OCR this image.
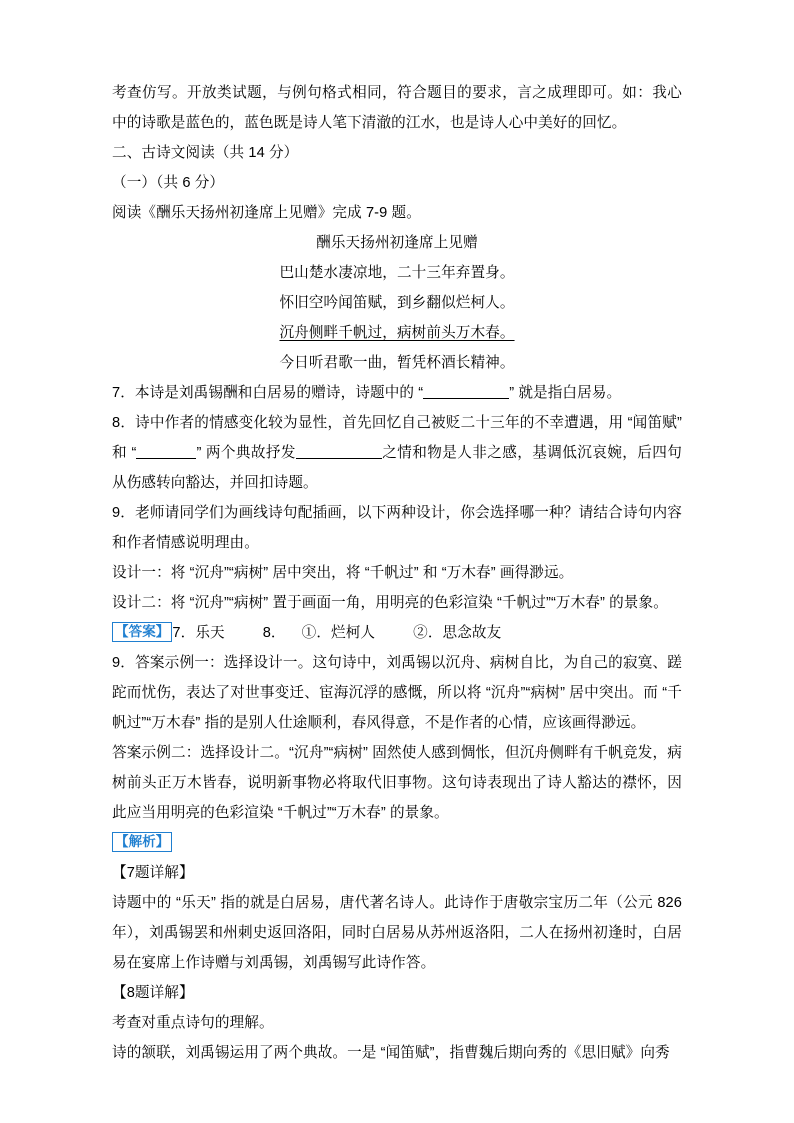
考查仿写。开放类试题，与例句格式相同，符合题目的要求，言之成理即可。如：我心中的诗歌是蓝色的，蓝色既是诗人笔下清澈的江水，也是诗人心中美好的回忆。

二、古诗文阅读（共 14 分）

（一）（共 6 分）

阅读《酬乐天扬州初逢席上见赠》完成 7-9 题。

酬乐天扬州初逢席上见赠

巴山楚水凄凉地，二十三年弃置身。

怀旧空吟闻笛赋，到乡翻似烂柯人。

沉舟侧畔千帆过，病树前头万木春。

今日听君歌一曲，暂凭杯酒长精神。

7．本诗是刘禹锡酬和白居易的赠诗，诗题中的 “	” 就是指白居易。

8．诗中作者的情感变化较为显性，首先回忆自己被贬二十三年的不幸遭遇，用 “闻笛赋” 和 “	” 两个典故抒发	之情和物是人非之感，基调低沉哀婉，后四句从伤感转向豁达，并回扣诗题。

9．老师请同学们为画线诗句配插画，以下两种设计，你会选择哪一种？请结合诗句内容和作者情感说明理由。

设计一：将 “沉舟”“病树” 居中突出，将 “千帆过” 和 “万木春” 画得渺远。

设计二：将 “沉舟”“病树” 置于画面一角，用明亮的色彩渲染 “千帆过”“万木春” 的景象。

【答案】 7．乐天	8． ①．烂柯人	②．思念故友

9．答案示例一：选择设计一。这句诗中，刘禹锡以沉舟、病树自比，为自己的寂寞、蹉跎而忧伤，表达了对世事变迁、宦海沉浮的感慨，所以将 “沉舟”“病树” 居中突出。而 “千帆过”“万木春” 指的是别人仕途顺利，春风得意，不是作者的心情，应该画得渺远。

答案示例二：选择设计二。“沉舟”“病树” 固然使人感到惆怅，但沉舟侧畔有千帆竞发，病树前头正万木皆春，说明新事物必将取代旧事物。这句诗表现出了诗人豁达的襟怀，因此应当用明亮的色彩渲染 “千帆过”“万木春” 的景象。

【解析】

【7题详解】

诗题中的 “乐天” 指的就是白居易，唐代著名诗人。此诗作于唐敬宗宝历二年（公元 826 年），刘禹锡罢和州刺史返回洛阳，同时白居易从苏州返洛阳，二人在扬州初逢时，白居易在宴席上作诗赠与刘禹锡，刘禹锡写此诗作答。

【8题详解】

考查对重点诗句的理解。

诗的颔联，刘禹锡运用了两个典故。一是 “闻笛赋”，指曹魏后期向秀的《思旧赋》向秀
